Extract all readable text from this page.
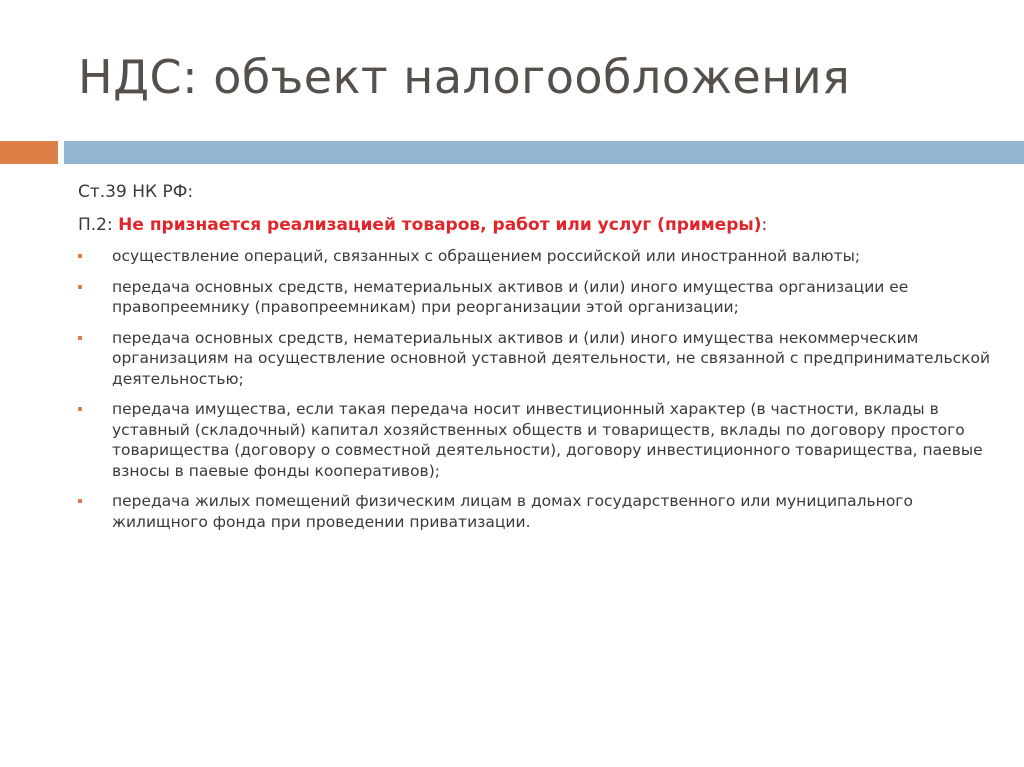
НДС: объект налогообложения
Ст.39 НК РФ:
П.2: Не признается реализацией товаров, работ или услуг (примеры):
осуществление операций, связанных с обращением российской или иностранной валюты;
передача основных средств, нематериальных активов и (или) иного имущества организации ее правопреемнику (правопреемникам) при реорганизации этой организации;
передача основных средств, нематериальных активов и (или) иного имущества некоммерческим организациям на осуществление основной уставной деятельности, не связанной с предпринимательской деятельностью;
передача имущества, если такая передача носит инвестиционный характер (в частности, вклады в уставный (складочный) капитал хозяйственных обществ и товариществ, вклады по договору простого товарищества (договору о совместной деятельности), договору инвестиционного товарищества, паевые взносы в паевые фонды кооперативов);
передача жилых помещений физическим лицам в домах государственного или муниципального жилищного фонда при проведении приватизации.
